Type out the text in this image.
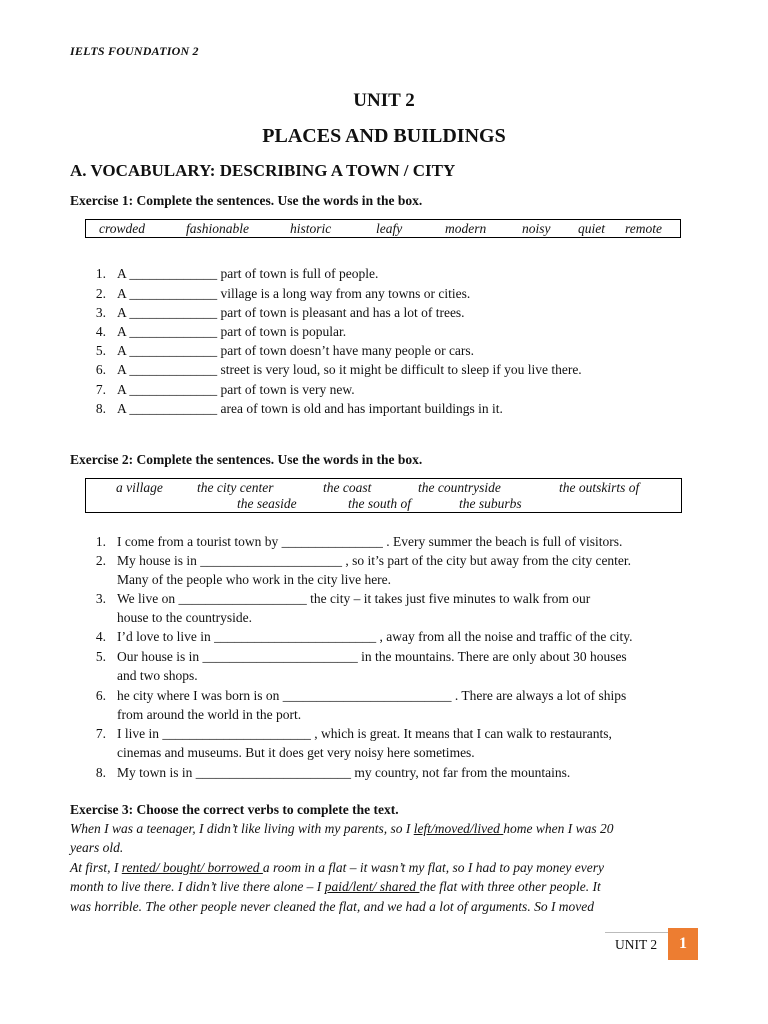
IELTS FOUNDATION 2
UNIT 2
PLACES AND BUILDINGS
A. VOCABULARY: DESCRIBING A TOWN / CITY
Exercise 1: Complete the sentences. Use the words in the box.
crowded	fashionable	historic	leafy	modern	noisy quiet remote
1. A _____________ part of town is full of people.
2. A _____________ village is a long way from any towns or cities.
3. A _____________ part of town is pleasant and has a lot of trees.
4. A _____________ part of town is popular.
5. A _____________ part of town doesn’t have many people or cars.
6. A _____________ street is very loud, so it might be difficult to sleep if you live there.
7. A _____________ part of town is very new.
8. A _____________ area of town is old and has important buildings in it.
Exercise 2: Complete the sentences. Use the words in the box.
a village	the city center	the coast	the countryside	the outskirts of
the seaside	the south of	the suburbs
1. I come from a tourist town by _______________ . Every summer the beach is full of visitors.
2. My house is in _____________________ , so it’s part of the city but away from the city center.
Many of the people who work in the city live here.
3. We live on ___________________ the city – it takes just five minutes to walk from our
house to the countryside.
4. I’d love to live in ________________________ , away from all the noise and traffic of the city.
5. Our house is in _______________________ in the mountains. There are only about 30 houses
and two shops.
6. he city where I was born is on _________________________ . There are always a lot of ships
from around the world in the port.
7. I live in ______________________ , which is great. It means that I can walk to restaurants,
cinemas and museums. But it does get very noisy here sometimes.
8. My town is in _______________________ my country, not far from the mountains.
Exercise 3: Choose the correct verbs to complete the text.
When I was a teenager, I didn’t like living with my parents, so I left/moved/lived home when I was 20
years old.
At first, I rented/ bought/ borrowed a room in a flat – it wasn’t my flat, so I had to pay money every
month to live there. I didn’t live there alone – I paid/lent/ shared the flat with three other people. It
was horrible. The other people never cleaned the flat, and we had a lot of arguments. So I moved
UNIT 2	1
